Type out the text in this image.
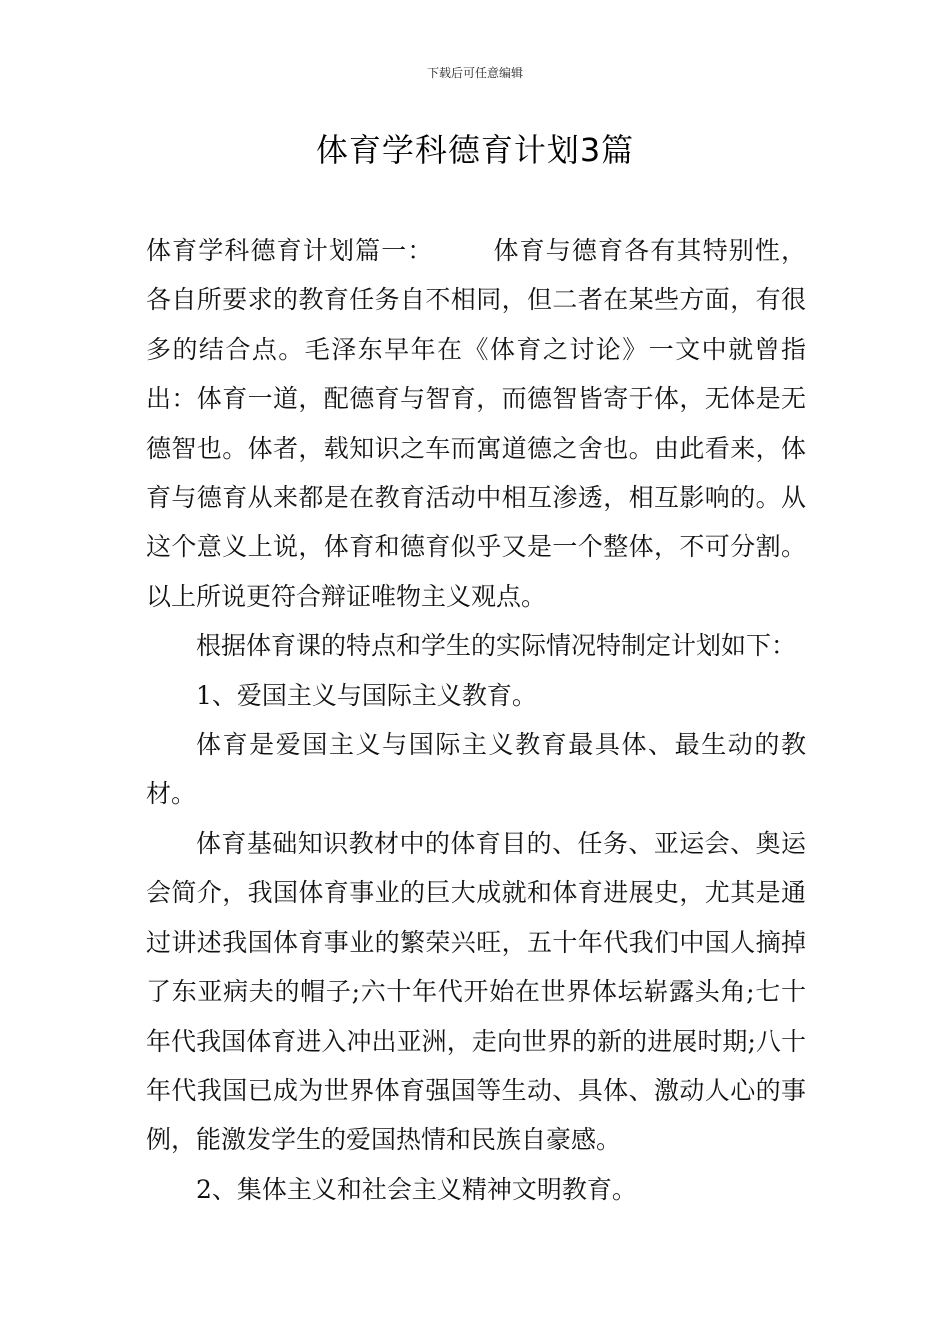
下载后可任意编辑
体育学科德育计划3篇

体育学科德育计划篇一： 体育与德育各有其特别性，各自所要求的教育任务自不相同，但二者在某些方面，有很多的结合点。毛泽东早年在《体育之讨论》一文中就曾指出：体育一道，配德育与智育，而德智皆寄于体，无体是无德智也。体者，载知识之车而寓道德之舍也。由此看来，体育与德育从来都是在教育活动中相互渗透，相互影响的。从这个意义上说，体育和德育似乎又是一个整体，不可分割。以上所说更符合辩证唯物主义观点。

根据体育课的特点和学生的实际情况特制定计划如下：

1、爱国主义与国际主义教育。

体育是爱国主义与国际主义教育最具体、最生动的教材。

体育基础知识教材中的体育目的、任务、亚运会、奥运会简介，我国体育事业的巨大成就和体育进展史，尤其是通过讲述我国体育事业的繁荣兴旺，五十年代我们中国人摘掉了东亚病夫的帽子;六十年代开始在世界体坛崭露头角;七十年代我国体育进入冲出亚洲，走向世界的新的进展时期;八十年代我国已成为世界体育强国等生动、具体、激动人心的事例，能激发学生的爱国热情和民族自豪感。

2、集体主义和社会主义精神文明教育。
